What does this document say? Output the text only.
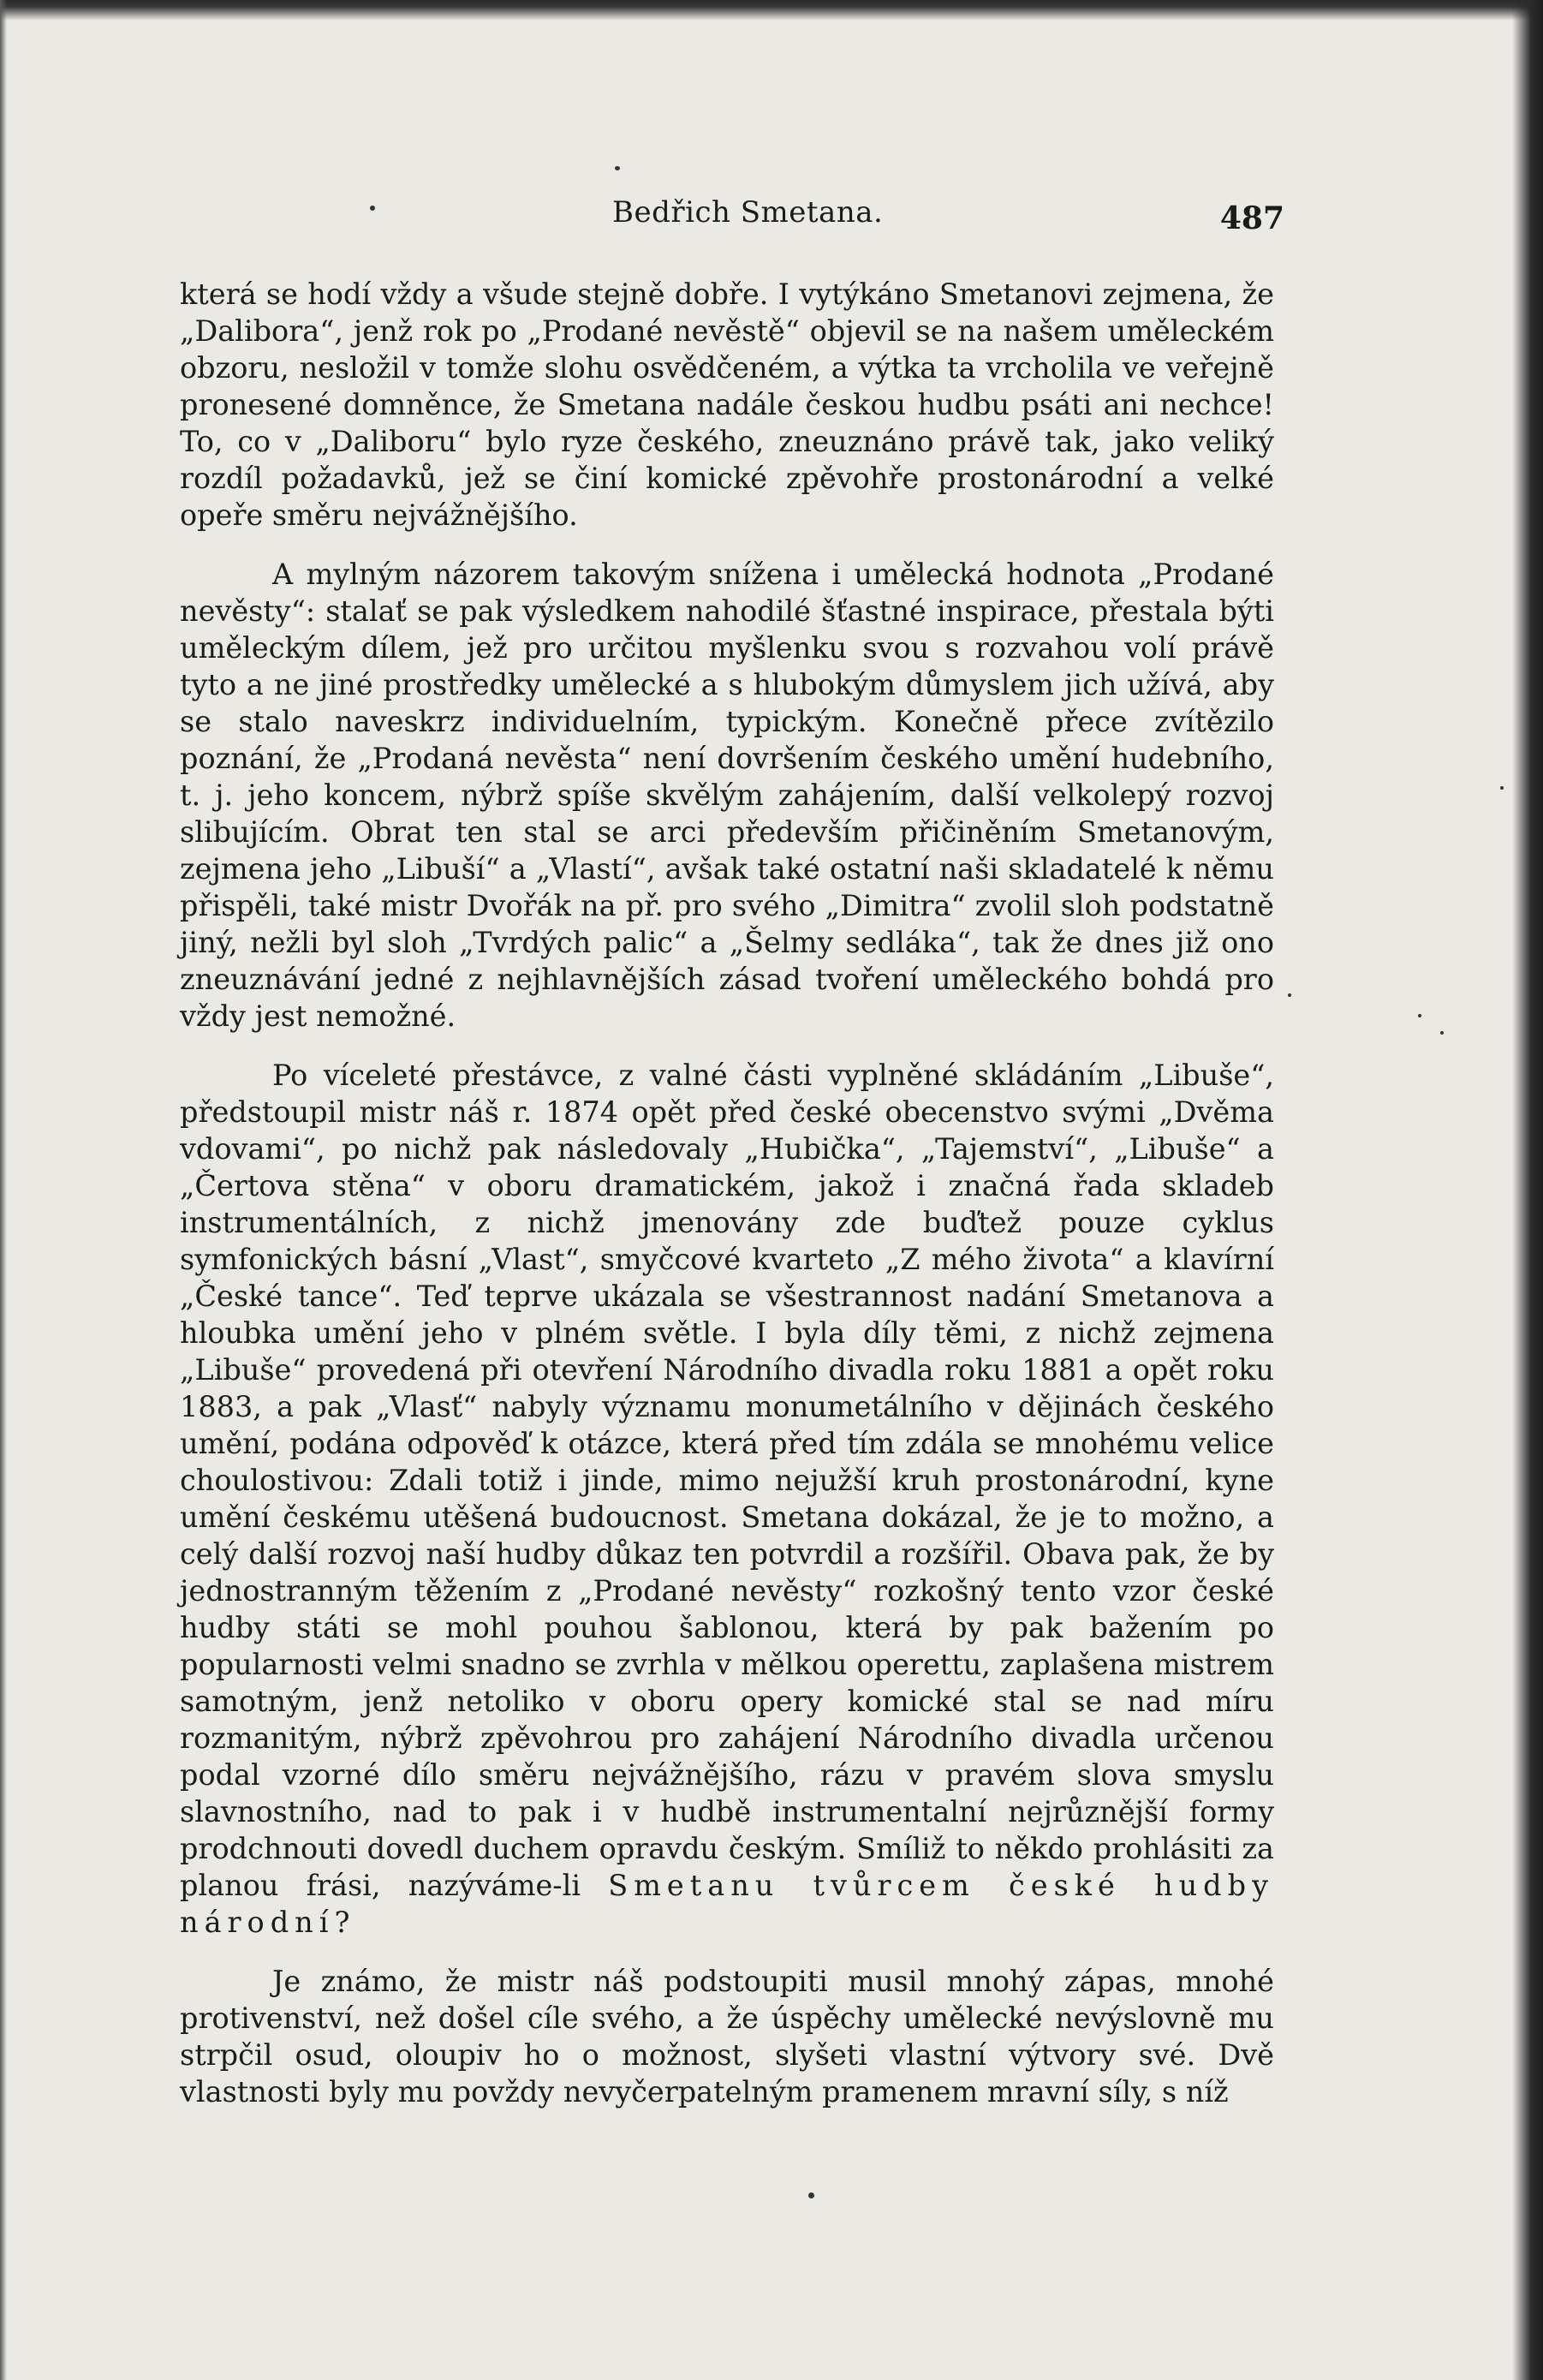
Bedřich Smetana.	487

která se hodí vždy a všude stejně dobře. I vytýkáno Smetanovi zejmena, že „Dalibora“, jenž rok po „Prodané nevěstě“ objevil se na našem uměleckém obzoru, nesložil v tomže slohu osvědčeném, a výtka ta vrcholila ve veřejně pronesené domněnce, že Smetana nadále českou hudbu psáti ani nechce! To, co v „Daliboru“ bylo ryze českého, zneuznáno právě tak, jako veliký rozdíl požadavků, jež se činí komické zpěvohře prostonárodní a velké opeře směru nejvážnějšího.

A mylným názorem takovým snížena i umělecká hodnota „Prodané nevěsty“: stalať se pak výsledkem nahodilé šťastné inspirace, přestala býti uměleckým dílem, jež pro určitou myšlenku svou s rozvahou volí právě tyto a ne jiné prostředky umělecké a s hlubokým důmyslem jich užívá, aby se stalo naveskrz individuelním, typickým. Konečně přece zvítězilo poznání, že „Prodaná nevěsta“ není dovršením českého umění hudebního, t. j. jeho koncem, nýbrž spíše skvělým zahájením, další velkolepý rozvoj slibujícím. Obrat ten stal se arci především přičiněním Smetanovým, zejmena jeho „Libuší“ a „Vlastí“, avšak také ostatní naši skladatelé k němu přispěli, také mistr Dvořák na př. pro svého „Dimitra“ zvolil sloh podstatně jiný, nežli byl sloh „Tvrdých palic“ a „Šelmy sedláka“, tak že dnes již ono zneuznávání jedné z nejhlavnějších zásad tvoření uměleckého bohdá pro vždy jest nemožné.

Po víceleté přestávce, z valné části vyplněné skládáním „Libuše“, předstoupil mistr náš r. 1874 opět před české obecenstvo svými „Dvěma vdovami“, po nichž pak následovaly „Hubička“, „Tajemství“, „Libuše“ a „Čertova stěna“ v oboru dramatickém, jakož i značná řada skladeb instrumentálních, z nichž jmenovány zde buďtež pouze cyklus symfonických básní „Vlast“, smyčcové kvarteto „Z mého života“ a klavírní „České tance“. Teď teprve ukázala se všestrannost nadání Smetanova a hloubka umění jeho v plném světle. I byla díly těmi, z nichž zejmena „Libuše“ provedená při otevření Národního divadla roku 1881 a opět roku 1883, a pak „Vlasť“ nabyly významu monumetálního v dějinách českého umění, podána odpověď k otázce, která před tím zdála se mnohému velice choulostivou: Zdali totiž i jinde, mimo nejužší kruh prostonárodní, kyne umění českému utěšená budoucnost. Smetana dokázal, že je to možno, a celý další rozvoj naší hudby důkaz ten potvrdil a rozšířil. Obava pak, že by jednostranným těžením z „Prodané nevěsty“ rozkošný tento vzor české hudby státi se mohl pouhou šablonou, která by pak bažením po popularnosti velmi snadno se zvrhla v mělkou operettu, zaplašena mistrem samotným, jenž netoliko v oboru opery komické stal se nad míru rozmanitým, nýbrž zpěvohrou pro zahájení Národního divadla určenou podal vzorné dílo směru nejvážnějšího, rázu v pravém slova smyslu slavnostního, nad to pak i v hudbě instrumentalní nejrůznější formy prodchnouti dovedl duchem opravdu českým. Smíliž to někdo prohlásiti za planou frási, nazýváme-li Smetanu tvůrcem české hudby národní?

Je známo, že mistr náš podstoupiti musil mnohý zápas, mnohé protivenství, než došel cíle svého, a že úspěchy umělecké nevýslovně mu strpčil osud, oloupiv ho o možnost, slyšeti vlastní výtvory své. Dvě vlastnosti byly mu povždy nevyčerpatelným pramenem mravní síly, s níž
